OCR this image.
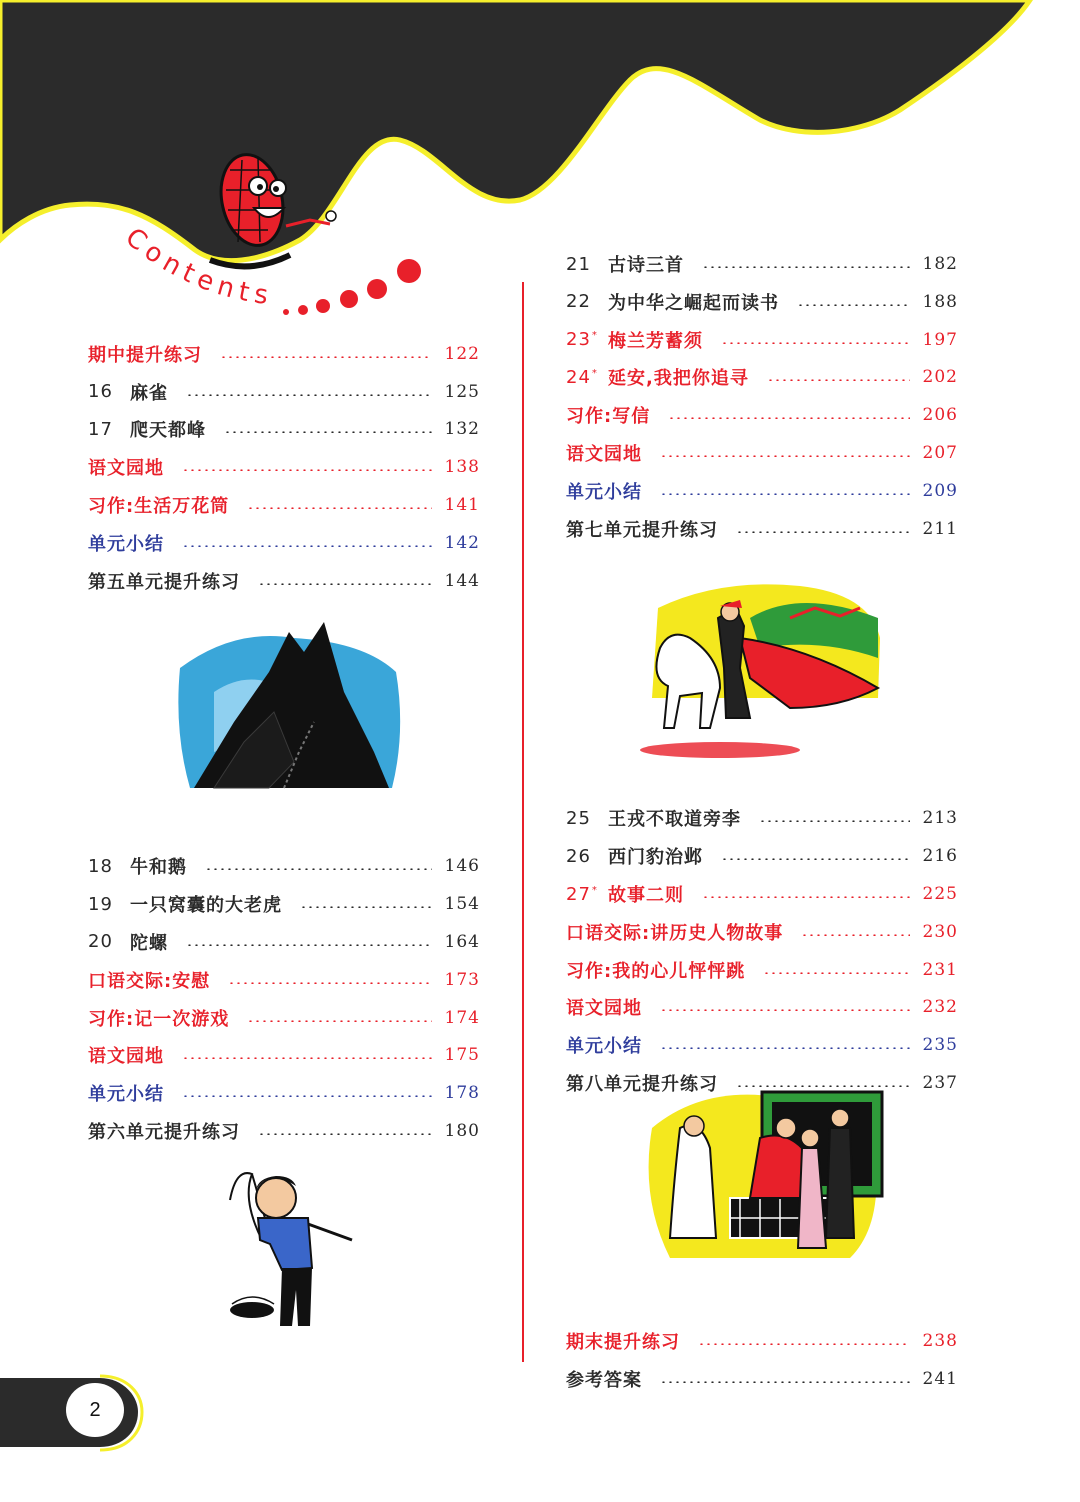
Contents
期中提升练习	122
16 麻雀	125
17 爬天都峰	132
语文园地	138
习作:生活万花筒	141
单元小结	142
第五单元提升练习	144
18 牛和鹅	146
19 一只窝囊的大老虎	154
20 陀螺	164
口语交际:安慰	173
习作:记一次游戏	174
语文园地	175
单元小结	178
第六单元提升练习	180
21 古诗三首	182
22 为中华之崛起而读书	188
23* 梅兰芳蓄须	197
24* 延安,我把你追寻	202
习作:写信	206
语文园地	207
单元小结	209
第七单元提升练习	211
25 王戎不取道旁李	213
26 西门豹治邺	216
27* 故事二则	225
口语交际:讲历史人物故事	230
习作:我的心儿怦怦跳	231
语文园地	232
单元小结	235
第八单元提升练习	237
期末提升练习	238
参考答案	241
2
